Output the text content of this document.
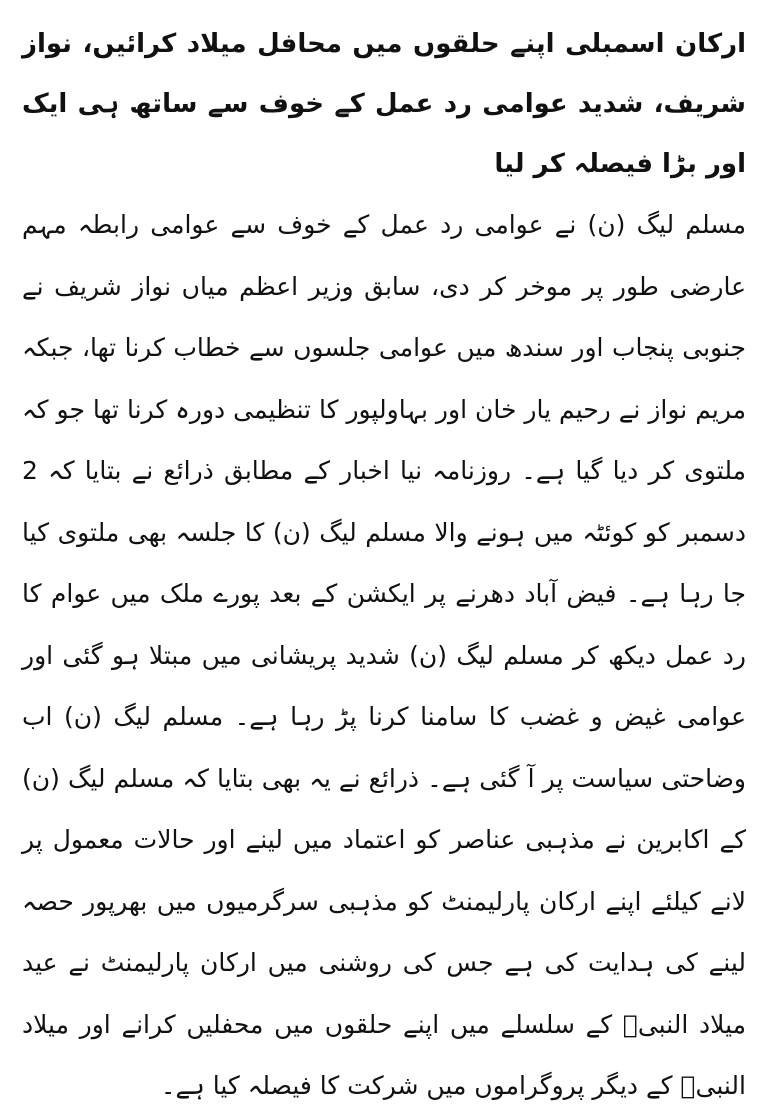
ارکان اسمبلی اپنے حلقوں میں محافل میلاد کرائیں، نواز شریف، شدید عوامی رد عمل کے خوف سے ساتھ ہی ایک اور بڑا فیصلہ کر لیا

مسلم لیگ (ن) نے عوامی رد عمل کے خوف سے عوامی رابطہ مہم عارضی طور پر موخر کر دی، سابق وزیر اعظم میاں نواز شریف نے جنوبی پنجاب اور سندھ میں عوامی جلسوں سے خطاب کرنا تھا، جبکہ مریم نواز نے رحیم یار خان اور بہاولپور کا تنظیمی دورہ کرنا تھا جو کہ ملتوی کر دیا گیا ہے۔ روزنامہ نیا اخبار کے مطابق ذرائع نے بتایا کہ 2 دسمبر کو کوئٹہ میں ہونے والا مسلم لیگ (ن) کا جلسہ بھی ملتوی کیا جا رہا ہے۔ فیض آباد دھرنے پر ایکشن کے بعد پورے ملک میں عوام کا رد عمل دیکھ کر مسلم لیگ (ن) شدید پریشانی میں مبتلا ہو گئی اور عوامی غیض و غضب کا سامنا کرنا پڑ رہا ہے۔ مسلم لیگ (ن) اب وضاحتی سیاست پر آ گئی ہے۔ ذرائع نے یہ بھی بتایا کہ مسلم لیگ (ن) کے اکابرین نے مذہبی عناصر کو اعتماد میں لینے اور حالات معمول پر لانے کیلئے اپنے ارکان پارلیمنٹ کو مذہبی سرگرمیوں میں بھرپور حصہ لینے کی ہدایت کی ہے جس کی روشنی میں ارکان پارلیمنٹ نے عید میلاد النبیؐ کے سلسلے میں اپنے حلقوں میں محفلیں کرانے اور میلاد النبیؐ کے دیگر پروگراموں میں شرکت کا فیصلہ کیا ہے۔
